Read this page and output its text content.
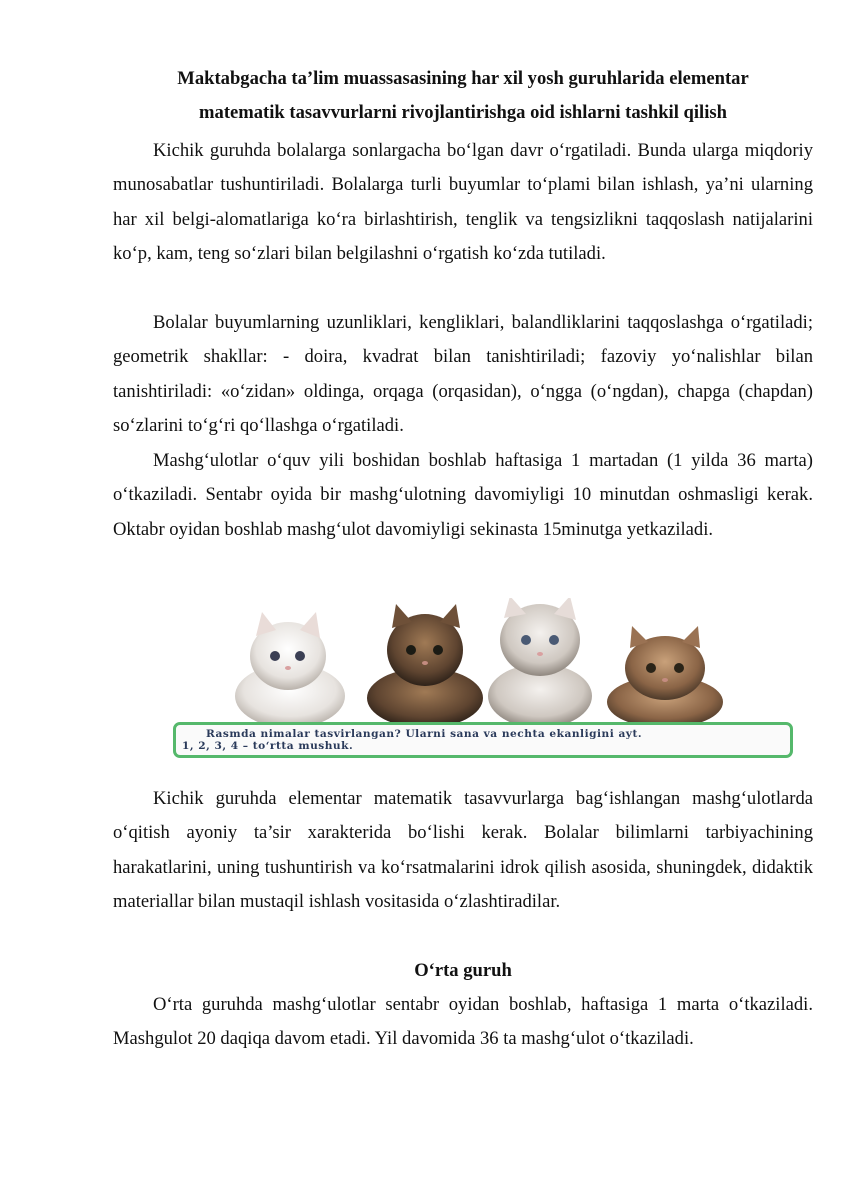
Maktabgacha ta’lim muassasasining har xil yosh guruhlarida elementar
matematik tasavvurlarni rivojlantirishga oid ishlarni tashkil qilish

Kichik guruhda bolalarga sonlargacha bo‘lgan davr o‘rgatiladi. Bunda ularga miqdoriy munosabatlar tushuntiriladi. Bolalarga turli buyumlar to‘plami bilan ishlash, ya’ni ularning har xil belgi-alomatlariga ko‘ra birlashtirish, tenglik va tengsizlikni taqqoslash natijalarini ko‘p, kam, teng so‘zlari bilan belgilashni o‘rgatish ko‘zda tutiladi.

Bolalar buyumlarning uzunliklari, kengliklari, balandliklarini taqqoslashga o‘rgatiladi; geometrik shakllar: - doira, kvadrat bilan tanishtiriladi; fazoviy yo‘nalishlar bilan tanishtiriladi: «o‘zidan» oldinga, orqaga (orqasidan), o‘ngga (o‘ngdan), chapga (chapdan) so‘zlarini to‘g‘ri qo‘llashga o‘rgatiladi.

Mashg‘ulotlar o‘quv yili boshidan boshlab haftasiga 1 martadan (1 yilda 36 marta) o‘tkaziladi. Sentabr oyida bir mashg‘ulotning davomiyligi 10 minutdan oshmasligi kerak. Oktabr oyidan boshlab mashg‘ulot davomiyligi sekinasta 15minutga yetkaziladi.

Rasmda nimalar tasvirlangan? Ularni sana va nechta ekanligini ayt.
1, 2, 3, 4 – to‘rtta mushuk.

Kichik guruhda elementar matematik tasavvurlarga bag‘ishlangan mashg‘ulotlarda o‘qitish ayoniy ta’sir xarakterida bo‘lishi kerak. Bolalar bilimlarni tarbiyachining harakatlarini, uning tushuntirish va ko‘rsatmalarini idrok qilish asosida, shuningdek, didaktik materiallar bilan mustaqil ishlash vositasida o‘zlashtiradilar.

O‘rta guruh

O‘rta guruhda mashg‘ulotlar sentabr oyidan boshlab, haftasiga 1 marta o‘tkaziladi. Mashgulot 20 daqiqa davom etadi. Yil davomida 36 ta mashg‘ulot o‘tkaziladi.
